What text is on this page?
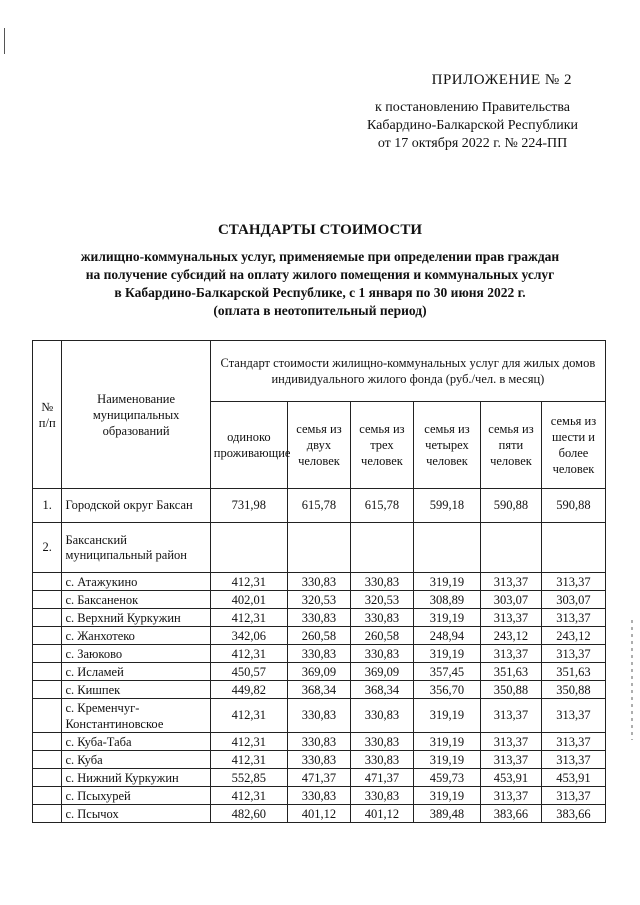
ПРИЛОЖЕНИЕ № 2
к постановлению Правительства
Кабардино-Балкарской Республики
от 17 октября 2022 г. № 224-ПП
СТАНДАРТЫ СТОИМОСТИ
жилищно-коммунальных услуг, применяемые при определении прав граждан
на получение субсидий на оплату жилого помещения и коммунальных услуг
в Кабардино-Балкарской Республике, с 1 января по 30 июня 2022 г.
(оплата в неотопительный период)
№ п/п	Наименование муниципальных образований	Стандарт стоимости жилищно-коммунальных услуг для жилых домов индивидуального жилого фонда (руб./чел. в месяц)					
		одиноко проживающие	семья из двух человек	семья из трех человек	семья из четырех человек	семья из пяти человек	семья из шести и более человек
1.	Городской округ Баксан	731,98	615,78	615,78	599,18	590,88	590,88
2.	Баксанский муниципальный район						
	с. Атажукино	412,31	330,83	330,83	319,19	313,37	313,37
	с. Баксаненок	402,01	320,53	320,53	308,89	303,07	303,07
	с. Верхний Куркужин	412,31	330,83	330,83	319,19	313,37	313,37
	с. Жанхотеко	342,06	260,58	260,58	248,94	243,12	243,12
	с. Заюково	412,31	330,83	330,83	319,19	313,37	313,37
	с. Исламей	450,57	369,09	369,09	357,45	351,63	351,63
	с. Кишпек	449,82	368,34	368,34	356,70	350,88	350,88
	с. Кременчуг-Константиновское	412,31	330,83	330,83	319,19	313,37	313,37
	с. Куба-Таба	412,31	330,83	330,83	319,19	313,37	313,37
	с. Куба	412,31	330,83	330,83	319,19	313,37	313,37
	с. Нижний Куркужин	552,85	471,37	471,37	459,73	453,91	453,91
	с. Псыхурей	412,31	330,83	330,83	319,19	313,37	313,37
	с. Псычох	482,60	401,12	401,12	389,48	383,66	383,66
